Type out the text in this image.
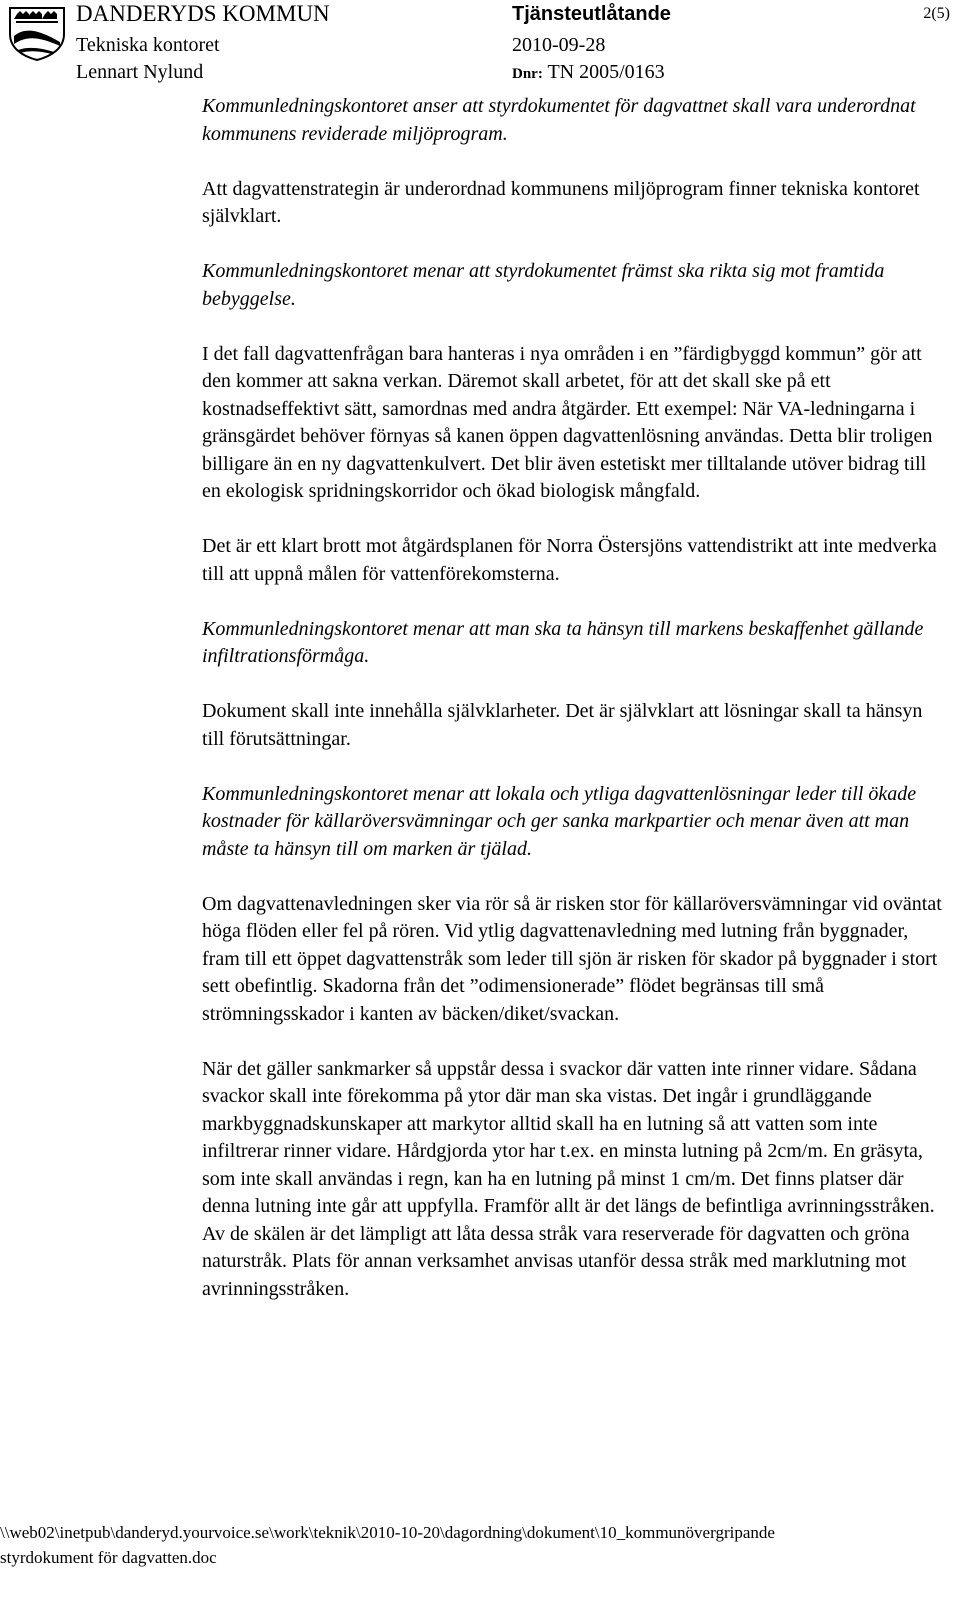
DANDERYDS KOMMUN
Tekniska kontoret
Lennart Nylund
Tjänsteutlåtande
2010-09-28
Dnr: TN 2005/0163
2(5)

Kommunledningskontoret anser att styrdokumentet för dagvattnet skall vara underordnat kommunens reviderade miljöprogram.

Att dagvattenstrategin är underordnad kommunens miljöprogram finner tekniska kontoret självklart.

Kommunledningskontoret menar att styrdokumentet främst ska rikta sig mot framtida bebyggelse.

I det fall dagvattenfrågan bara hanteras i nya områden i en ”färdigbyggd kommun” gör att den kommer att sakna verkan. Däremot skall arbetet, för att det skall ske på ett kostnadseffektivt sätt, samordnas med andra åtgärder. Ett exempel: När VA-ledningarna i gränsgärdet behöver förnyas så kanen öppen dagvattenlösning användas. Detta blir troligen billigare än en ny dagvattenkulvert. Det blir även estetiskt mer tilltalande utöver bidrag till en ekologisk spridningskorridor och ökad biologisk mångfald.

Det är ett klart brott mot åtgärdsplanen för Norra Östersjöns vattendistrikt att inte medverka till att uppnå målen för vattenförekomsterna.

Kommunledningskontoret menar att man ska ta hänsyn till markens beskaffenhet gällande infiltrationsförmåga.

Dokument skall inte innehålla självklarheter. Det är självklart att lösningar skall ta hänsyn till förutsättningar.

Kommunledningskontoret menar att lokala och ytliga dagvattenlösningar leder till ökade kostnader för källaröversvämningar och ger sanka markpartier och menar även att man måste ta hänsyn till om marken är tjälad.

Om dagvattenavledningen sker via rör så är risken stor för källaröversvämningar vid oväntat höga flöden eller fel på rören. Vid ytlig dagvattenavledning med lutning från byggnader, fram till ett öppet dagvattenstråk som leder till sjön är risken för skador på byggnader i stort sett obefintlig. Skadorna från det ”odimensionerade” flödet begränsas till små strömningsskador i kanten av bäcken/diket/svackan.

När det gäller sankmarker så uppstår dessa i svackor där vatten inte rinner vidare. Sådana svackor skall inte förekomma på ytor där man ska vistas. Det ingår i grundläggande markbyggnadskunskaper att markytor alltid skall ha en lutning så att vatten som inte infiltrerar rinner vidare. Hårdgjorda ytor har t.ex. en minsta lutning på 2cm/m. En gräsyta, som inte skall användas i regn, kan ha en lutning på minst 1 cm/m. Det finns platser där denna lutning inte går att uppfylla. Framför allt är det längs de befintliga avrinningsstråken. Av de skälen är det lämpligt att låta dessa stråk vara reserverade för dagvatten och gröna naturstråk. Plats för annan verksamhet anvisas utanför dessa stråk med marklutning mot avrinningsstråken.

\\web02\inetpub\danderyd.yourvoice.se\work\teknik\2010-10-20\dagordning\dokument\10_kommunövergripande
styrdokument för dagvatten.doc
